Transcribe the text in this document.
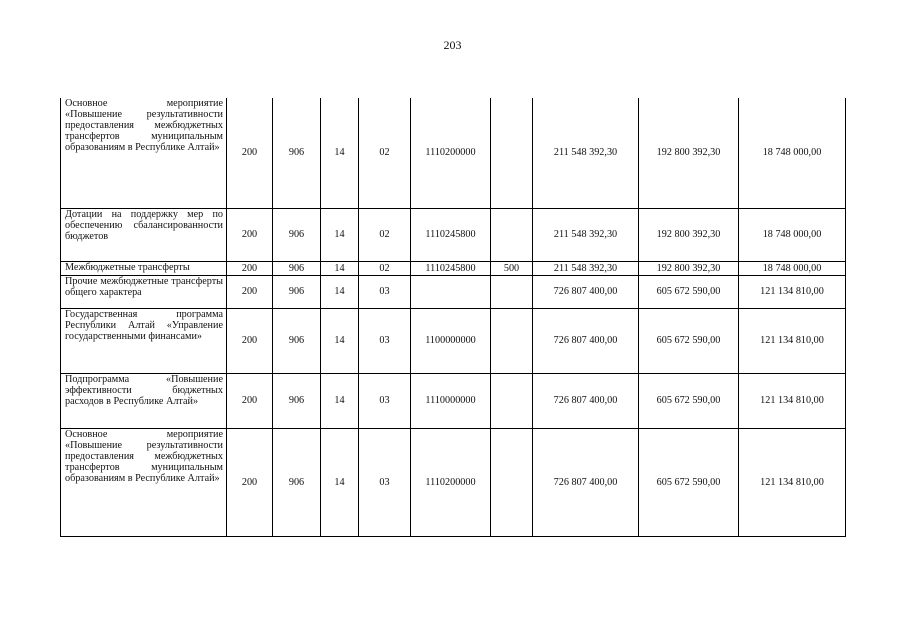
203
Основное мероприятие «Повышение результативности предоставления межбюджетных трансфертов муниципальным образованиям в Республике Алтай»	200	906	14	02	1110200000		211 548 392,30	192 800 392,30	18 748 000,00
Дотации на поддержку мер по обеспечению сбалансированности бюджетов	200	906	14	02	1110245800		211 548 392,30	192 800 392,30	18 748 000,00
Межбюджетные трансферты	200	906	14	02	1110245800	500	211 548 392,30	192 800 392,30	18 748 000,00
Прочие межбюджетные трансферты общего характера	200	906	14	03			726 807 400,00	605 672 590,00	121 134 810,00
Государственная программа Республики Алтай «Управление государственными финансами»	200	906	14	03	1100000000		726 807 400,00	605 672 590,00	121 134 810,00
Подпрограмма «Повышение эффективности бюджетных расходов в Республике Алтай»	200	906	14	03	1110000000		726 807 400,00	605 672 590,00	121 134 810,00
Основное мероприятие «Повышение результативности предоставления межбюджетных трансфертов муниципальным образованиям в Республике Алтай»	200	906	14	03	1110200000		726 807 400,00	605 672 590,00	121 134 810,00
